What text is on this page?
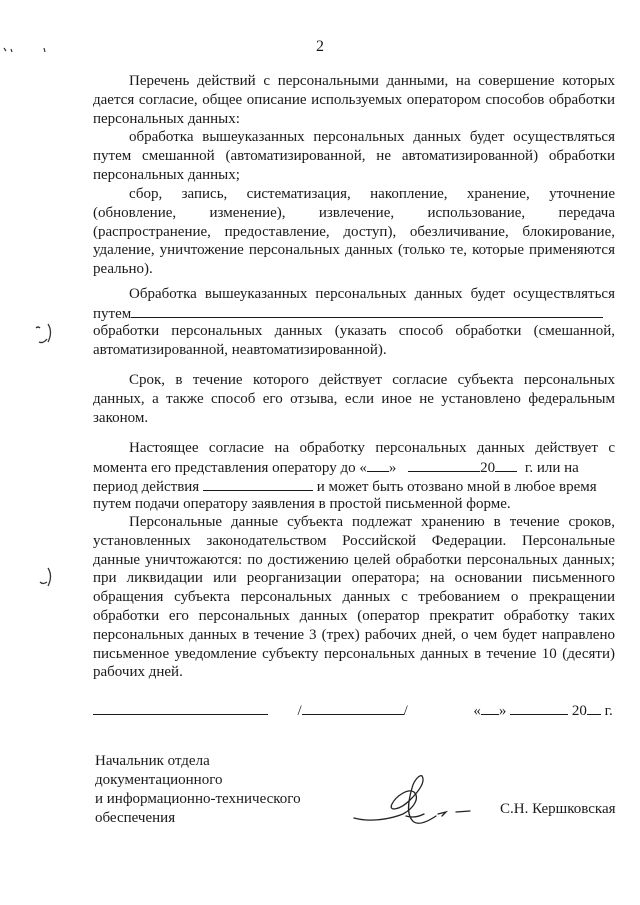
2
Перечень действий с персональными данными, на совершение которых дается согласие, общее описание используемых оператором способов обработки персональных данных:
обработка вышеуказанных персональных данных будет осуществляться путем смешанной (автоматизированной, не автоматизированной) обработки персональных данных;
сбор, запись, систематизация, накопление, хранение, уточнение (обновление, изменение), извлечение, использование, передача (распространение, предоставление, доступ), обезличивание, блокирование, удаление, уничтожение персональных данных (только те, которые применяются реально).
Обработка вышеуказанных персональных данных будет осуществляться
путем
обработки персональных данных (указать способ обработки (смешанной, автоматизированной, неавтоматизированной).
Срок, в течение которого действует согласие субъекта персональных данных, а также способ его отзыва, если иное не установлено федеральным законом.
Настоящее согласие на обработку персональных данных действует с
момента его представления оператору до « »	20 г. или на
период действия	и может быть отозвано мной в любое время
путем подачи оператору заявления в простой письменной форме.
Персональные данные субъекта подлежат хранению в течение сроков, установленных законодательством Российской Федерации. Персональные данные уничтожаются: по достижению целей обработки персональных данных; при ликвидации или реорганизации оператора; на основании письменного обращения субъекта персональных данных с требованием о прекращении обработки его персональных данных (оператор прекратит обработку таких персональных данных в течение 3 (трех) рабочих дней, о чем будет направлено письменное уведомление субъекту персональных данных в течение 10 (десяти) рабочих дней.
/	/	« »	20 г.
Начальник отдела
документационного
и информационно-технического
обеспечения
С.Н. Кершковская
